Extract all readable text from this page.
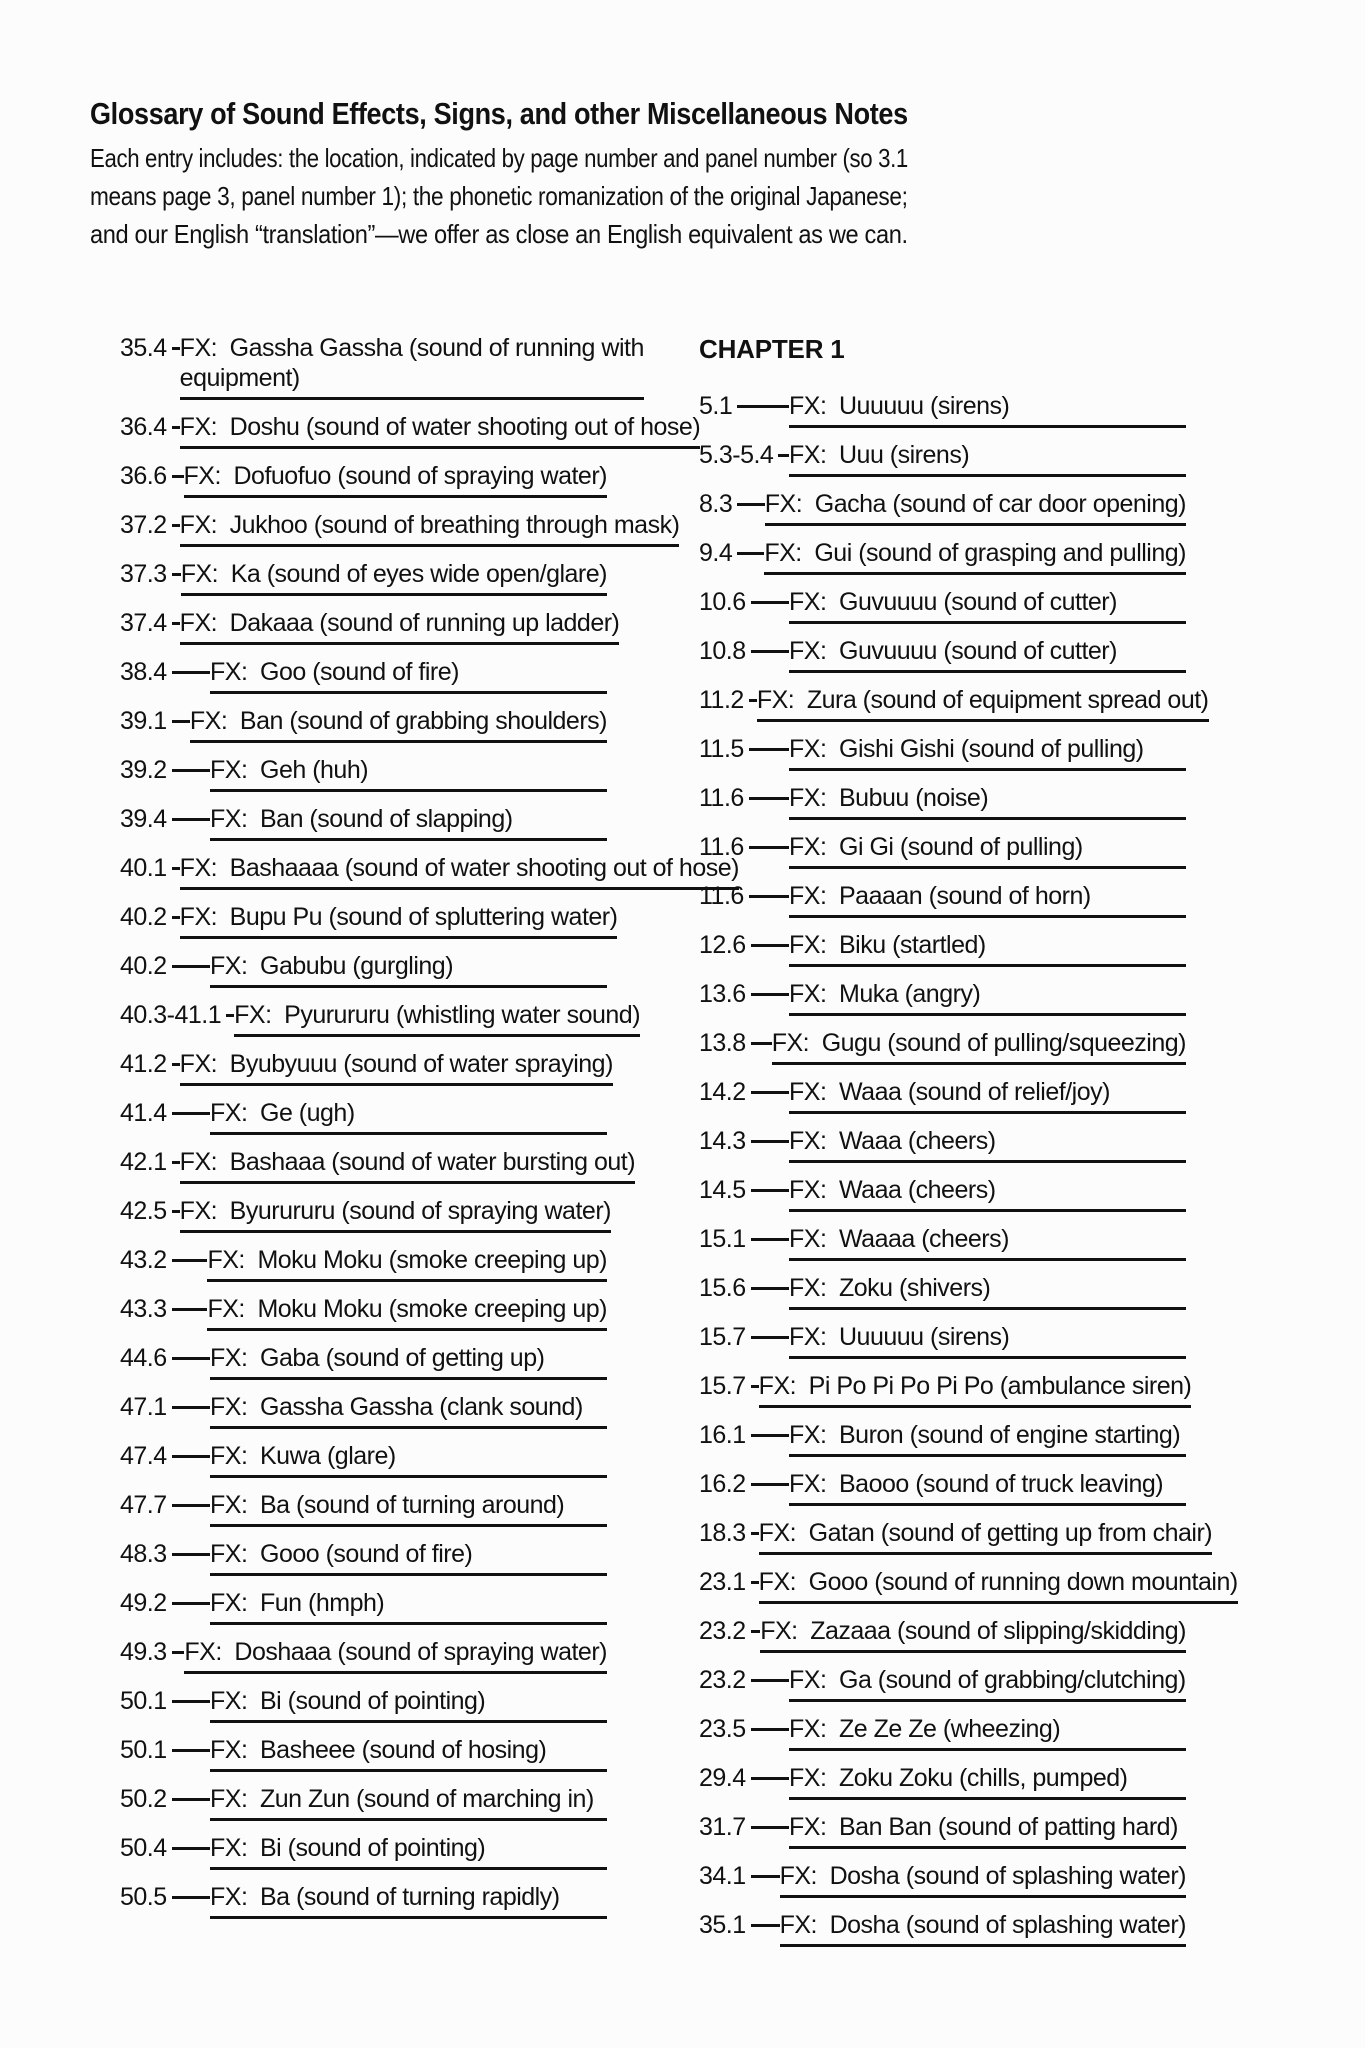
Glossary of Sound Effects, Signs, and other Miscellaneous Notes
Each entry includes: the location, indicated by page number and panel number (so 3.1
means page 3, panel number 1); the phonetic romanization of the original Japanese;
and our English “translation”—we offer as close an English equivalent as we can.
35.4 FX: Gassha Gassha (sound of running with
equipment)
36.4 FX: Doshu (sound of water shooting out of hose)
36.6 FX: Dofuofuo (sound of spraying water)
37.2 FX: Jukhoo (sound of breathing through mask)
37.3 FX: Ka (sound of eyes wide open/glare)
37.4 FX: Dakaaa (sound of running up ladder)
38.4 FX: Goo (sound of fire)
39.1 FX: Ban (sound of grabbing shoulders)
39.2 FX: Geh (huh)
39.4 FX: Ban (sound of slapping)
40.1 FX: Bashaaaa (sound of water shooting out of hose)
40.2 FX: Bupu Pu (sound of spluttering water)
40.2 FX: Gabubu (gurgling)
40.3-41.1 FX: Pyurururu (whistling water sound)
41.2 FX: Byubyuuu (sound of water spraying)
41.4 FX: Ge (ugh)
42.1 FX: Bashaaa (sound of water bursting out)
42.5 FX: Byurururu (sound of spraying water)
43.2 FX: Moku Moku (smoke creeping up)
43.3 FX: Moku Moku (smoke creeping up)
44.6 FX: Gaba (sound of getting up)
47.1 FX: Gassha Gassha (clank sound)
47.4 FX: Kuwa (glare)
47.7 FX: Ba (sound of turning around)
48.3 FX: Gooo (sound of fire)
49.2 FX: Fun (hmph)
49.3 FX: Doshaaa (sound of spraying water)
50.1 FX: Bi (sound of pointing)
50.1 FX: Basheee (sound of hosing)
50.2 FX: Zun Zun (sound of marching in)
50.4 FX: Bi (sound of pointing)
50.5 FX: Ba (sound of turning rapidly)
CHAPTER 1
5.1 FX: Uuuuuu (sirens)
5.3-5.4 FX: Uuu (sirens)
8.3 FX: Gacha (sound of car door opening)
9.4 FX: Gui (sound of grasping and pulling)
10.6 FX: Guvuuuu (sound of cutter)
10.8 FX: Guvuuuu (sound of cutter)
11.2 FX: Zura (sound of equipment spread out)
11.5 FX: Gishi Gishi (sound of pulling)
11.6 FX: Bubuu (noise)
11.6 FX: Gi Gi (sound of pulling)
11.6 FX: Paaaan (sound of horn)
12.6 FX: Biku (startled)
13.6 FX: Muka (angry)
13.8 FX: Gugu (sound of pulling/squeezing)
14.2 FX: Waaa (sound of relief/joy)
14.3 FX: Waaa (cheers)
14.5 FX: Waaa (cheers)
15.1 FX: Waaaa (cheers)
15.6 FX: Zoku (shivers)
15.7 FX: Uuuuuu (sirens)
15.7 FX: Pi Po Pi Po Pi Po (ambulance siren)
16.1 FX: Buron (sound of engine starting)
16.2 FX: Baooo (sound of truck leaving)
18.3 FX: Gatan (sound of getting up from chair)
23.1 FX: Gooo (sound of running down mountain)
23.2 FX: Zazaaa (sound of slipping/skidding)
23.2 FX: Ga (sound of grabbing/clutching)
23.5 FX: Ze Ze Ze (wheezing)
29.4 FX: Zoku Zoku (chills, pumped)
31.7 FX: Ban Ban (sound of patting hard)
34.1 FX: Dosha (sound of splashing water)
35.1 FX: Dosha (sound of splashing water)
